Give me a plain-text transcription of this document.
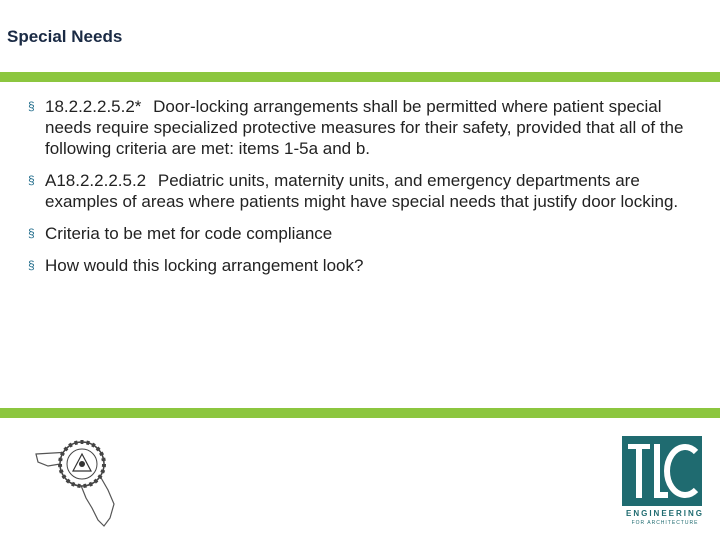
Special Needs
§ 18.2.2.2.5.2* Door-locking arrangements shall be permitted where patient special needs require specialized protective measures for their safety, provided that all of the following criteria are met: items 1-5a and b.
§ A18.2.2.2.5.2 Pediatric units, maternity units, and emergency departments are examples of areas where patients might have special needs that justify door locking.
§ Criteria to be met for code compliance
§ How would this locking arrangement look?
ENGINEERING
FOR ARCHITECTURE
